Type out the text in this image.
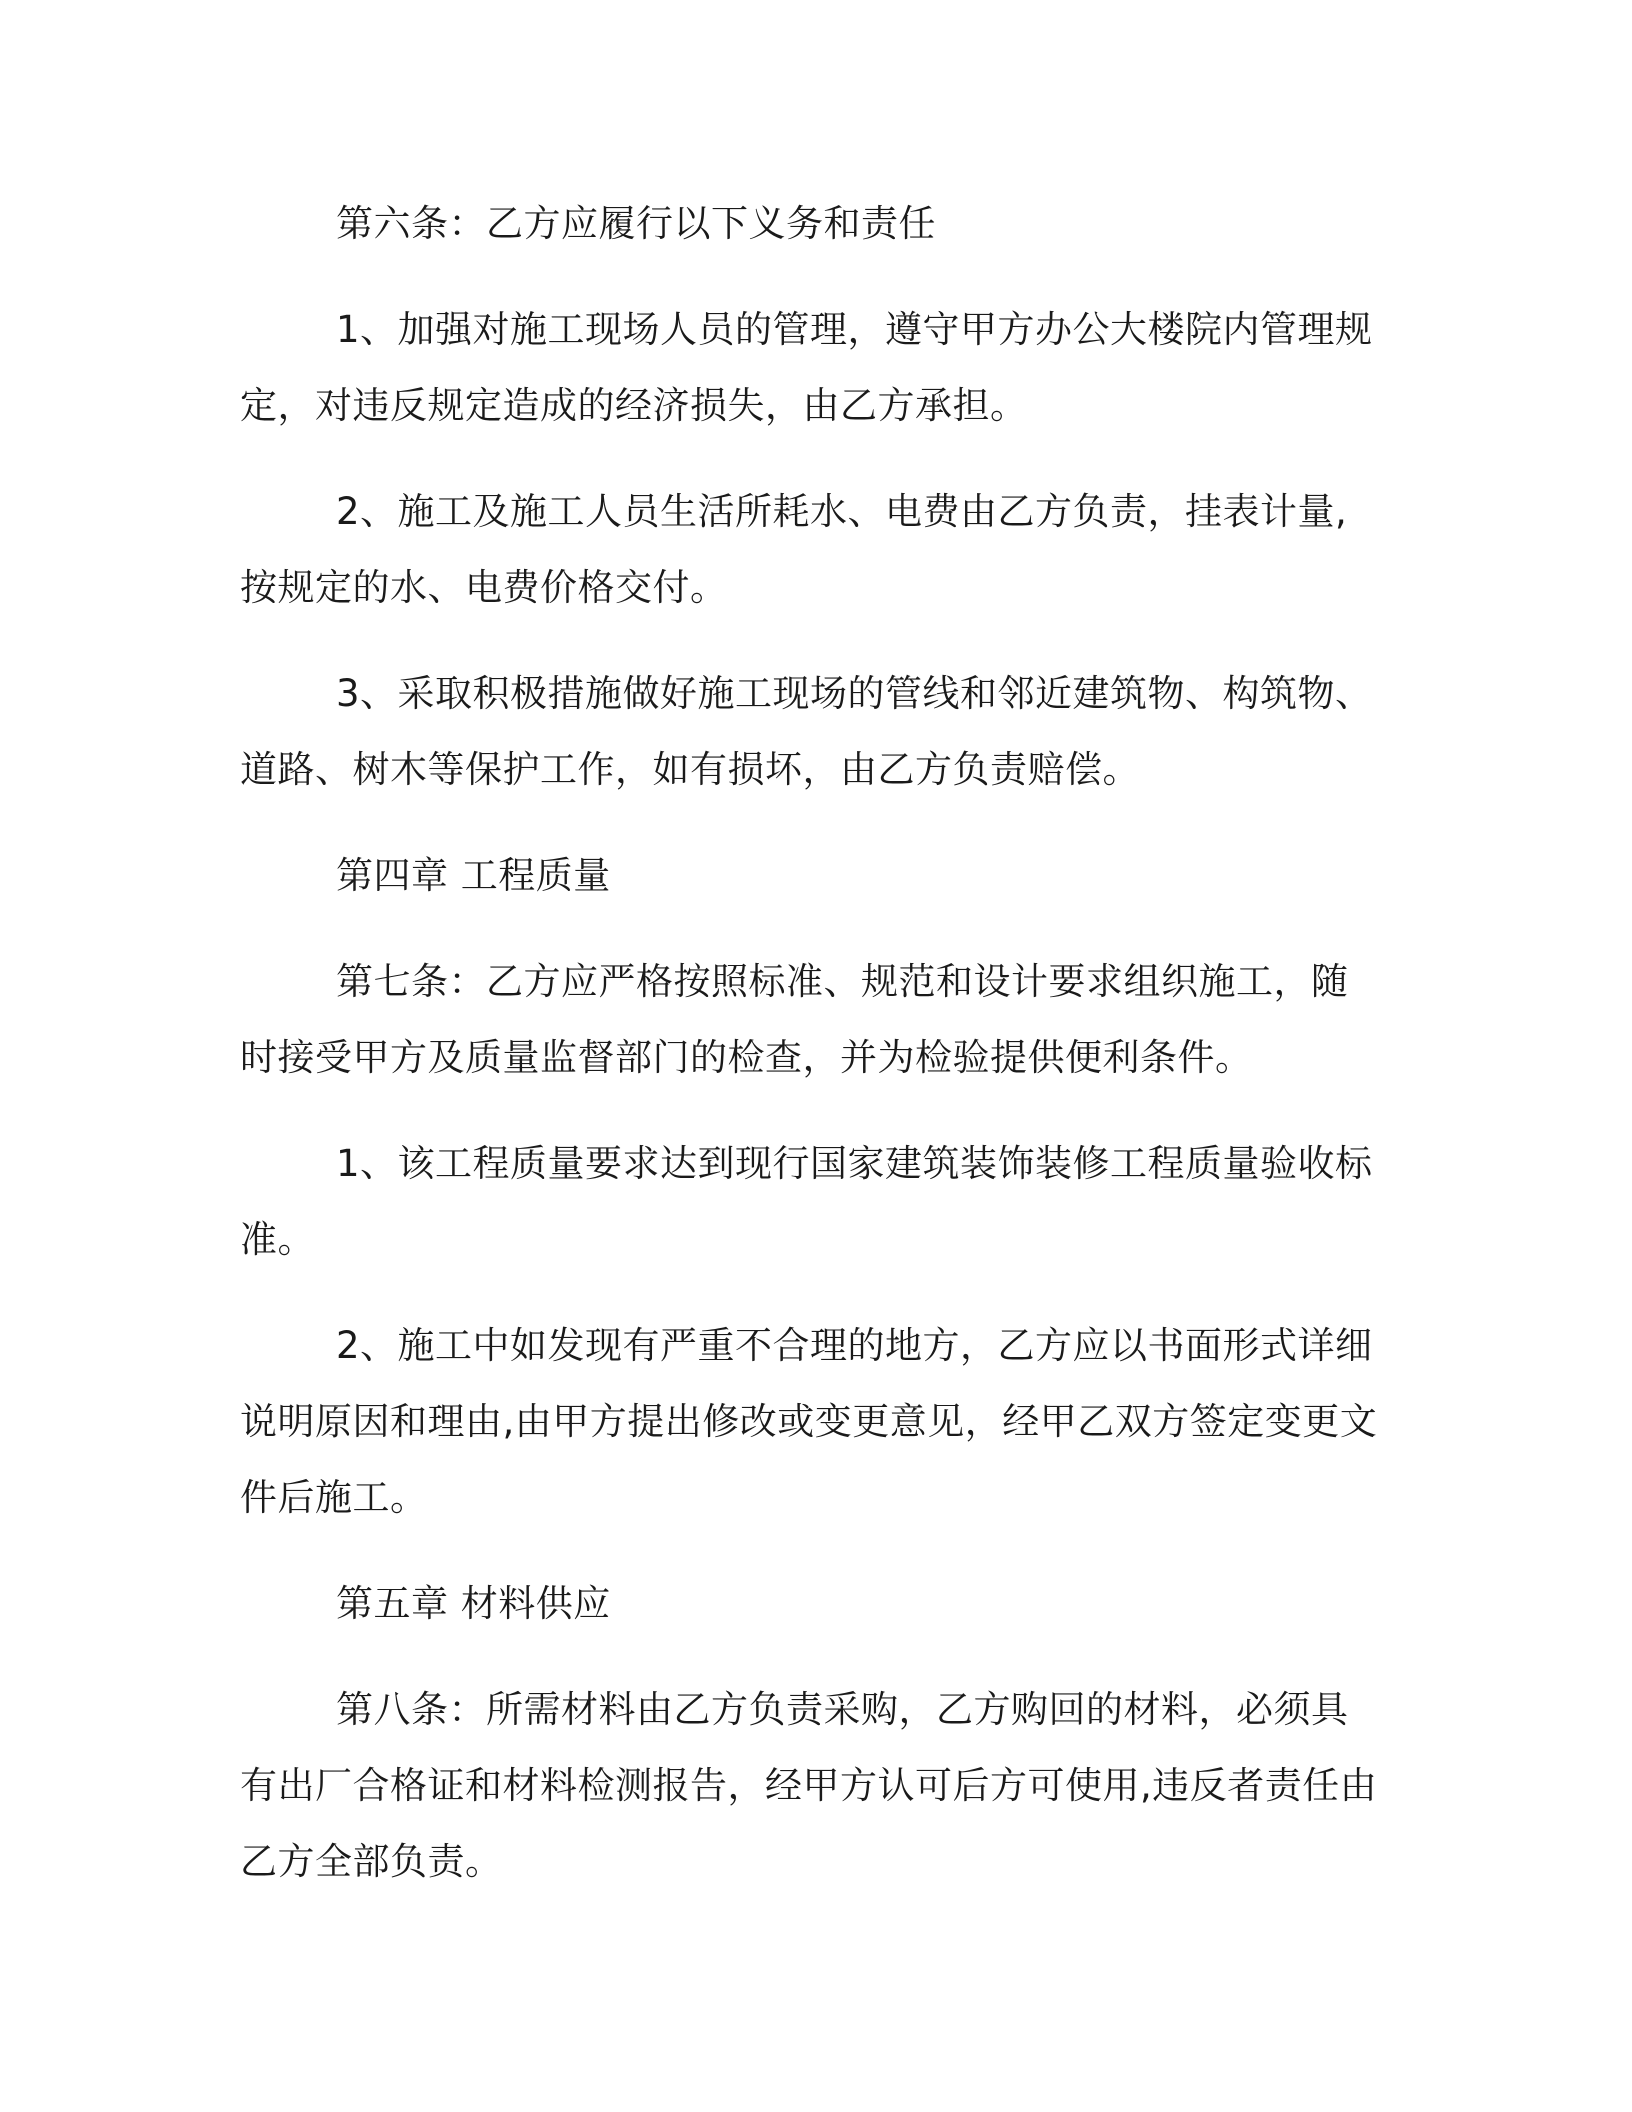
第六条：乙方应履行以下义务和责任

1、加强对施工现场人员的管理，遵守甲方办公大楼院内管理规定，对违反规定造成的经济损失，由乙方承担。

2、施工及施工人员生活所耗水、电费由乙方负责，挂表计量,按规定的水、电费价格交付。

3、采取积极措施做好施工现场的管线和邻近建筑物、构筑物、道路、树木等保护工作，如有损坏，由乙方负责赔偿。

第四章 工程质量

第七条：乙方应严格按照标准、规范和设计要求组织施工，随时接受甲方及质量监督部门的检查，并为检验提供便利条件。

1、该工程质量要求达到现行国家建筑装饰装修工程质量验收标准。

2、施工中如发现有严重不合理的地方，乙方应以书面形式详细说明原因和理由,由甲方提出修改或变更意见，经甲乙双方签定变更文件后施工。

第五章 材料供应

第八条：所需材料由乙方负责采购，乙方购回的材料，必须具有出厂合格证和材料检测报告，经甲方认可后方可使用,违反者责任由乙方全部负责。
